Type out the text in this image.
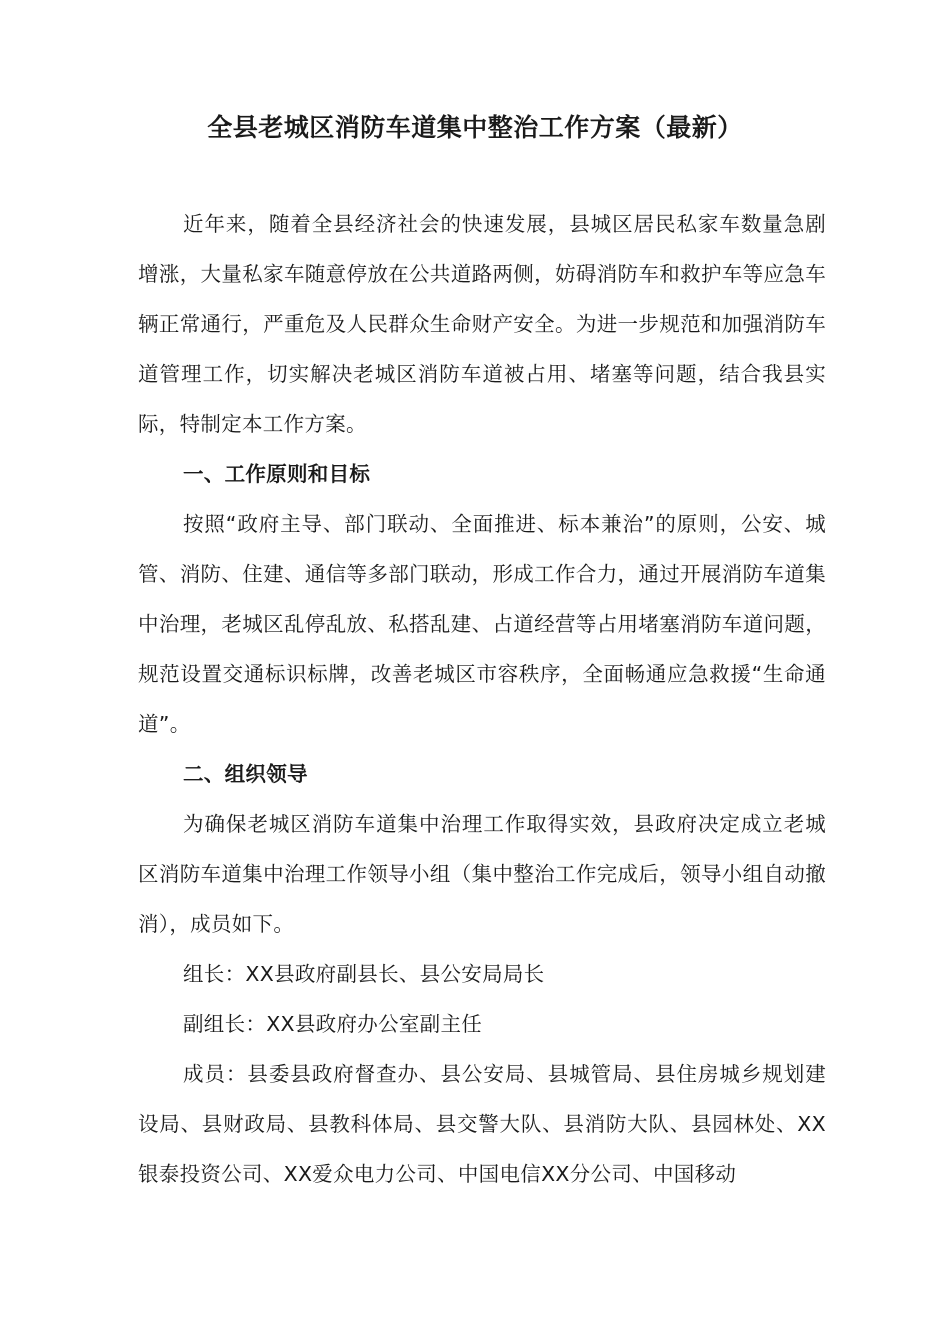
全县老城区消防车道集中整治工作方案（最新）

近年来，随着全县经济社会的快速发展，县城区居民私家车数量急剧增涨，大量私家车随意停放在公共道路两侧，妨碍消防车和救护车等应急车辆正常通行，严重危及人民群众生命财产安全。为进一步规范和加强消防车道管理工作，切实解决老城区消防车道被占用、堵塞等问题，结合我县实际，特制定本工作方案。

一、工作原则和目标

按照“政府主导、部门联动、全面推进、标本兼治”的原则，公安、城管、消防、住建、通信等多部门联动，形成工作合力，通过开展消防车道集中治理，老城区乱停乱放、私搭乱建、占道经营等占用堵塞消防车道问题，规范设置交通标识标牌，改善老城区市容秩序，全面畅通应急救援“生命通道”。

二、组织领导

为确保老城区消防车道集中治理工作取得实效，县政府决定成立老城区消防车道集中治理工作领导小组（集中整治工作完成后，领导小组自动撤消），成员如下。

组长：XX县政府副县长、县公安局局长

副组长：XX县政府办公室副主任

成员：县委县政府督查办、县公安局、县城管局、县住房城乡规划建设局、县财政局、县教科体局、县交警大队、县消防大队、县园林处、XX银泰投资公司、XX爱众电力公司、中国电信XX分公司、中国移动
